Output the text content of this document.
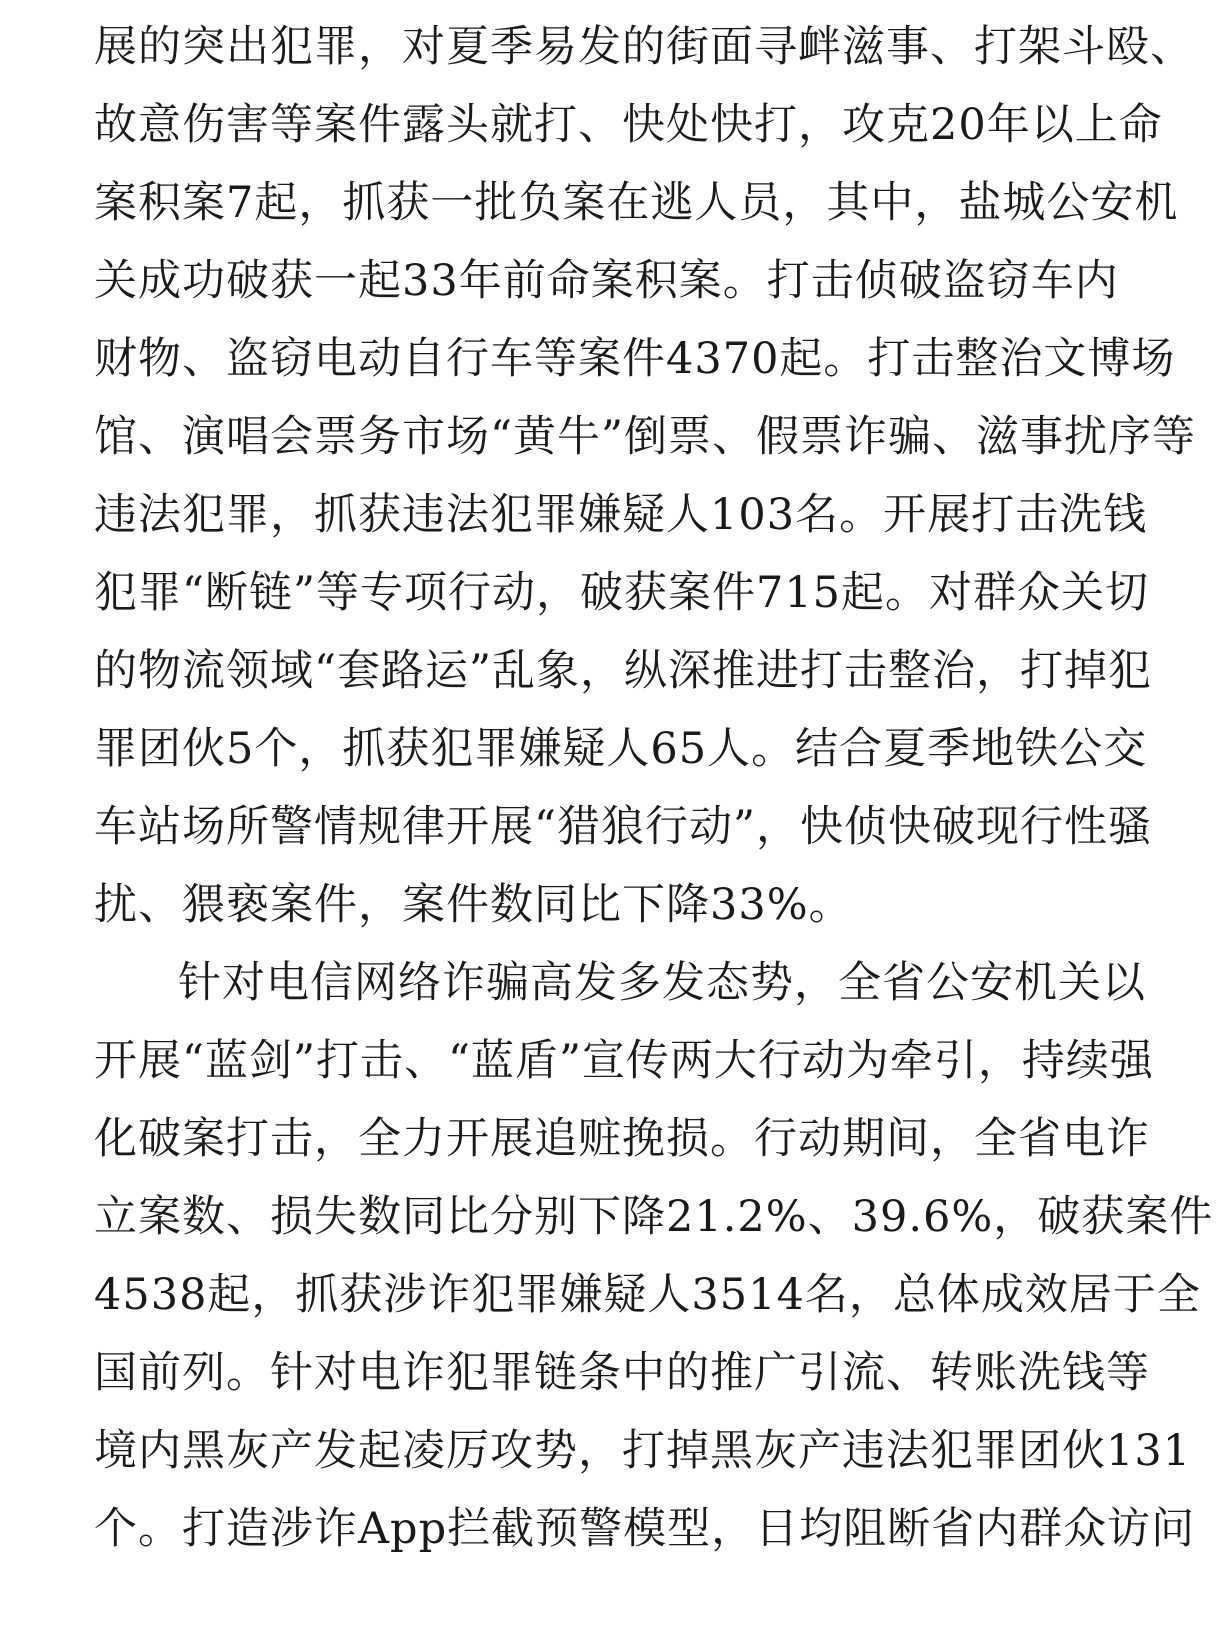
展的突出犯罪，对夏季易发的街面寻衅滋事、打架斗殴、
故意伤害等案件露头就打、快处快打，攻克20年以上命
案积案7起，抓获一批负案在逃人员，其中，盐城公安机
关成功破获一起33年前命案积案。打击侦破盗窃车内
财物、盗窃电动自行车等案件4370起。打击整治文博场
馆、演唱会票务市场“黄牛”倒票、假票诈骗、滋事扰序等
违法犯罪，抓获违法犯罪嫌疑人103名。开展打击洗钱
犯罪“断链”等专项行动，破获案件715起。对群众关切
的物流领域“套路运”乱象，纵深推进打击整治，打掉犯
罪团伙5个，抓获犯罪嫌疑人65人。结合夏季地铁公交
车站场所警情规律开展“猎狼行动”，快侦快破现行性骚
扰、猥亵案件，案件数同比下降33%。
针对电信网络诈骗高发多发态势，全省公安机关以
开展“蓝剑”打击、“蓝盾”宣传两大行动为牵引，持续强
化破案打击，全力开展追赃挽损。行动期间，全省电诈
立案数、损失数同比分别下降21.2%、39.6%，破获案件
4538起，抓获涉诈犯罪嫌疑人3514名，总体成效居于全
国前列。针对电诈犯罪链条中的推广引流、转账洗钱等
境内黑灰产发起凌厉攻势，打掉黑灰产违法犯罪团伙131
个。打造涉诈App拦截预警模型，日均阻断省内群众访问
